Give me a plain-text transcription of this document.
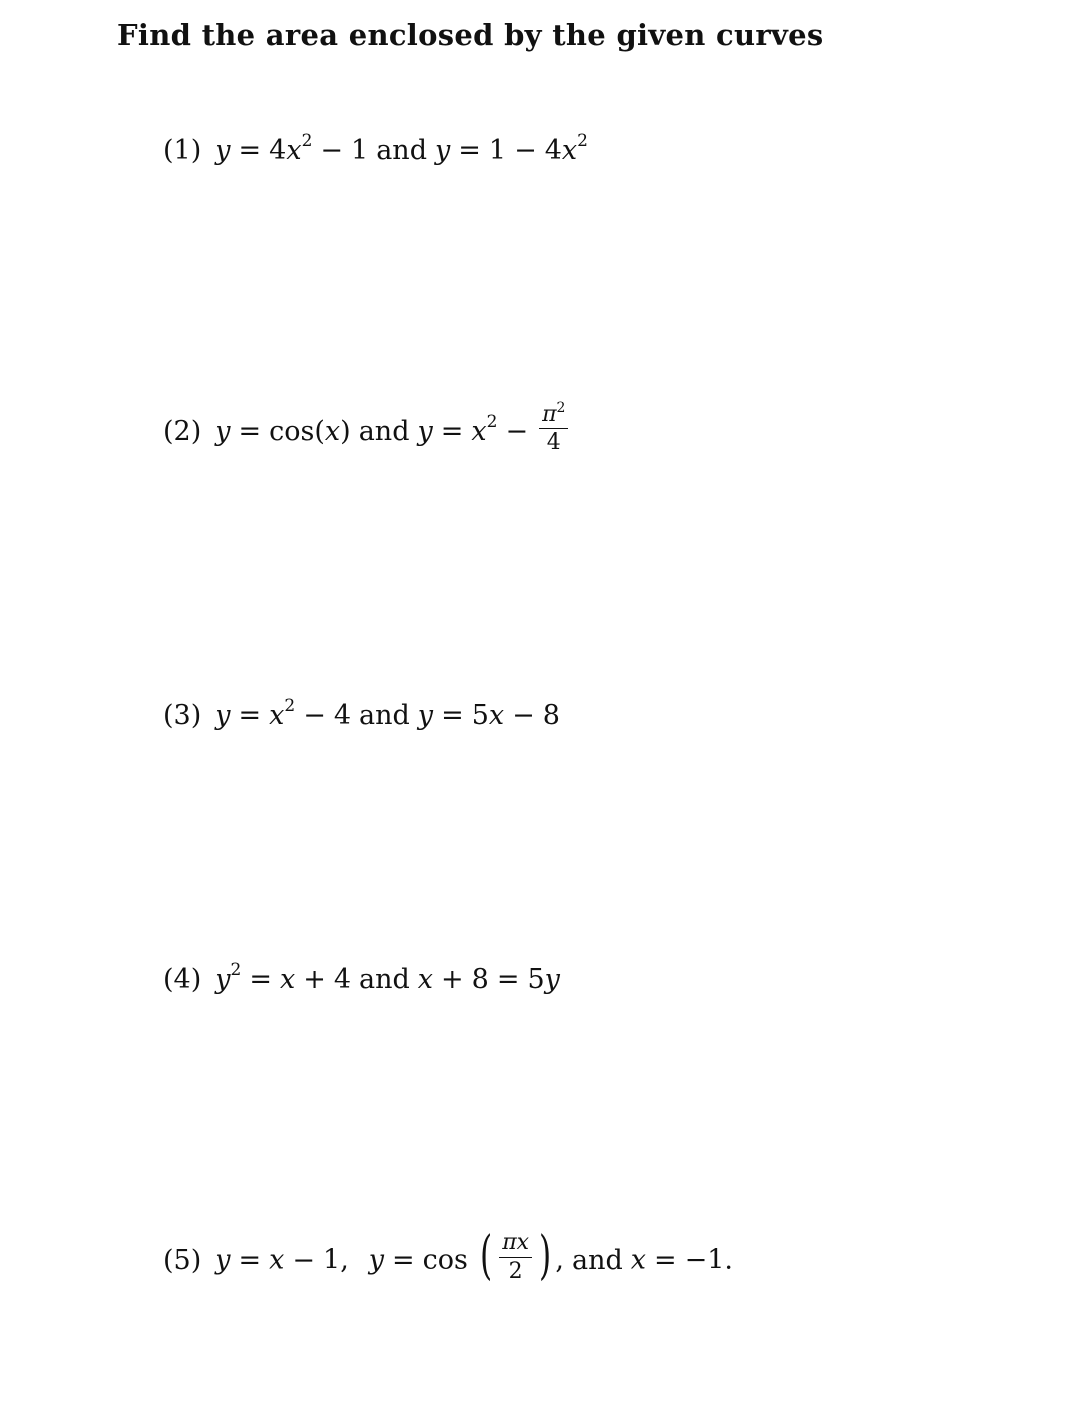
Find the area enclosed by the given curves
(1) $y = 4x^2 - 1$ and $y = 1 - 4x^2$
(2) y = cos(x) and $y = x^2 - \frac{\pi^2}{4}$
(3) $y = x^2 - 4$ and y = 5x − 8
(4) $y^2 = x + 4$ and x + 8 = 5y
(5) y = x − 1, y = cos ( $\frac{\pi x}{2}$ ) , and x = −1.
